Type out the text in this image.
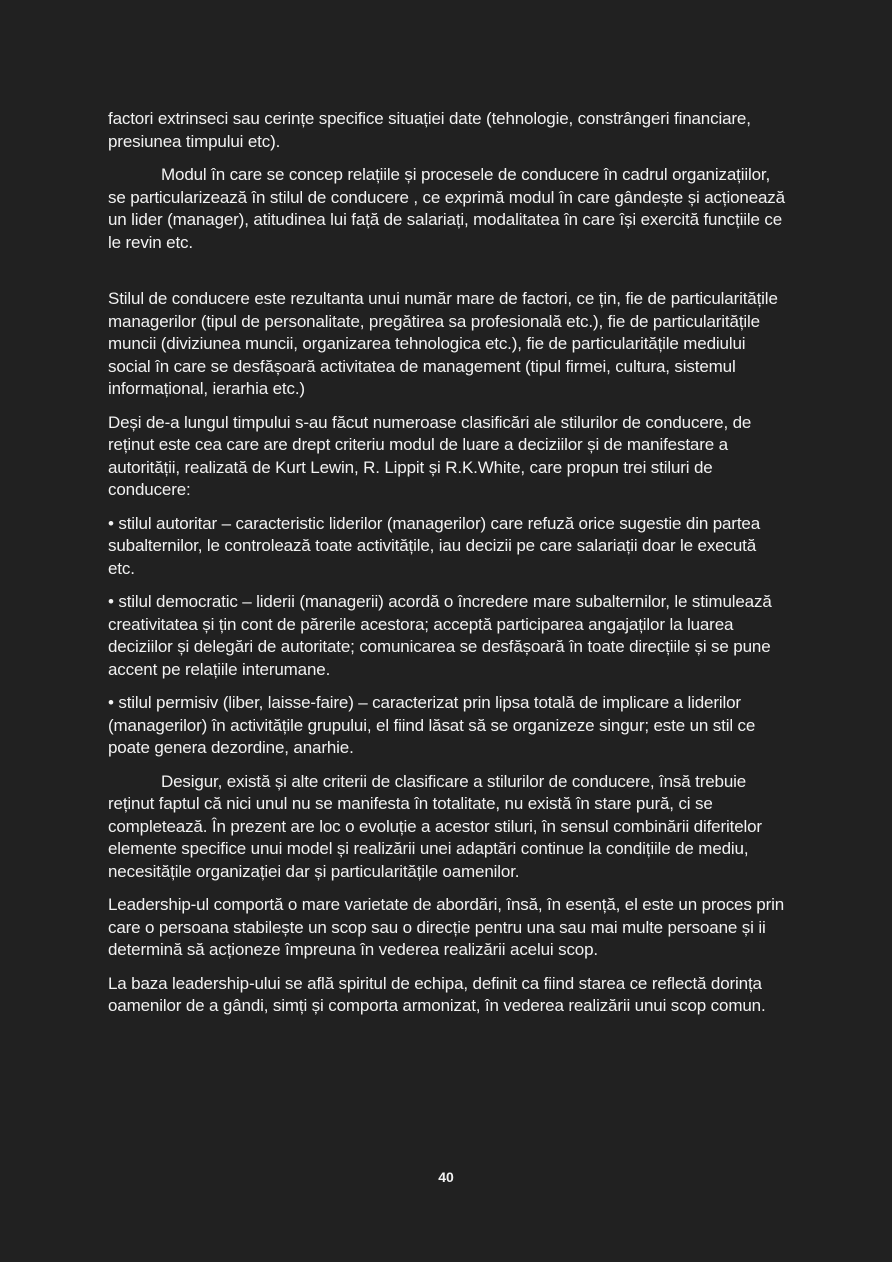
factori extrinseci sau cerințe specifice situației date (tehnologie, constrângeri financiare, presiunea timpului etc).

Modul în care se concep relațiile și procesele de conducere în cadrul organizațiilor, se particularizează în stilul de conducere , ce exprimă modul în care gândește și acționează un lider (manager), atitudinea lui față de salariați, modalitatea în care își exercită funcțiile ce le revin etc.

Stilul de conducere este rezultanta unui număr mare de factori, ce țin, fie de particularitățile managerilor (tipul de personalitate, pregătirea sa profesională etc.), fie de particularitățile muncii (diviziunea muncii, organizarea tehnologica etc.), fie de particularitățile mediului social în care se desfășoară activitatea de management (tipul firmei, cultura, sistemul informațional, ierarhia etc.)

Deși de-a lungul timpului s-au făcut numeroase clasificări ale stilurilor de conducere, de reținut este cea care are drept criteriu modul de luare a deciziilor și de manifestare a autorității, realizată de Kurt Lewin, R. Lippit și R.K.White, care propun trei stiluri de conducere:

• stilul autoritar – caracteristic liderilor (managerilor) care refuză orice sugestie din partea subalternilor, le controlează toate activitățile, iau decizii pe care salariații doar le execută etc.

• stilul democratic – liderii (managerii) acordă o încredere mare subalternilor, le stimulează creativitatea și țin cont de părerile acestora; acceptă participarea angajaților la luarea deciziilor și delegări de autoritate; comunicarea se desfășoară în toate direcțiile și se pune accent pe relațiile interumane.

• stilul permisiv (liber, laisse-faire) – caracterizat prin lipsa totală de implicare a liderilor (managerilor) în activitățile grupului, el fiind lăsat să se organizeze singur; este un stil ce poate genera dezordine, anarhie.

Desigur, există și alte criterii de clasificare a stilurilor de conducere, însă trebuie reținut faptul că nici unul nu se manifesta în totalitate, nu există în stare pură, ci se completează. În prezent are loc o evoluție a acestor stiluri, în sensul combinării diferitelor elemente specifice unui model și realizării unei adaptări continue la condițiile de mediu, necesitățile organizației dar și particularitățile oamenilor.

Leadership-ul comportă o mare varietate de abordări, însă, în esență, el este un proces prin care o persoana stabilește un scop sau o direcție pentru una sau mai multe persoane și ii determină să acționeze împreuna în vederea realizării acelui scop.

La baza leadership-ului se află spiritul de echipa, definit ca fiind starea ce reflectă dorința oamenilor de a gândi, simți și comporta armonizat, în vederea realizării unui scop comun.

40
